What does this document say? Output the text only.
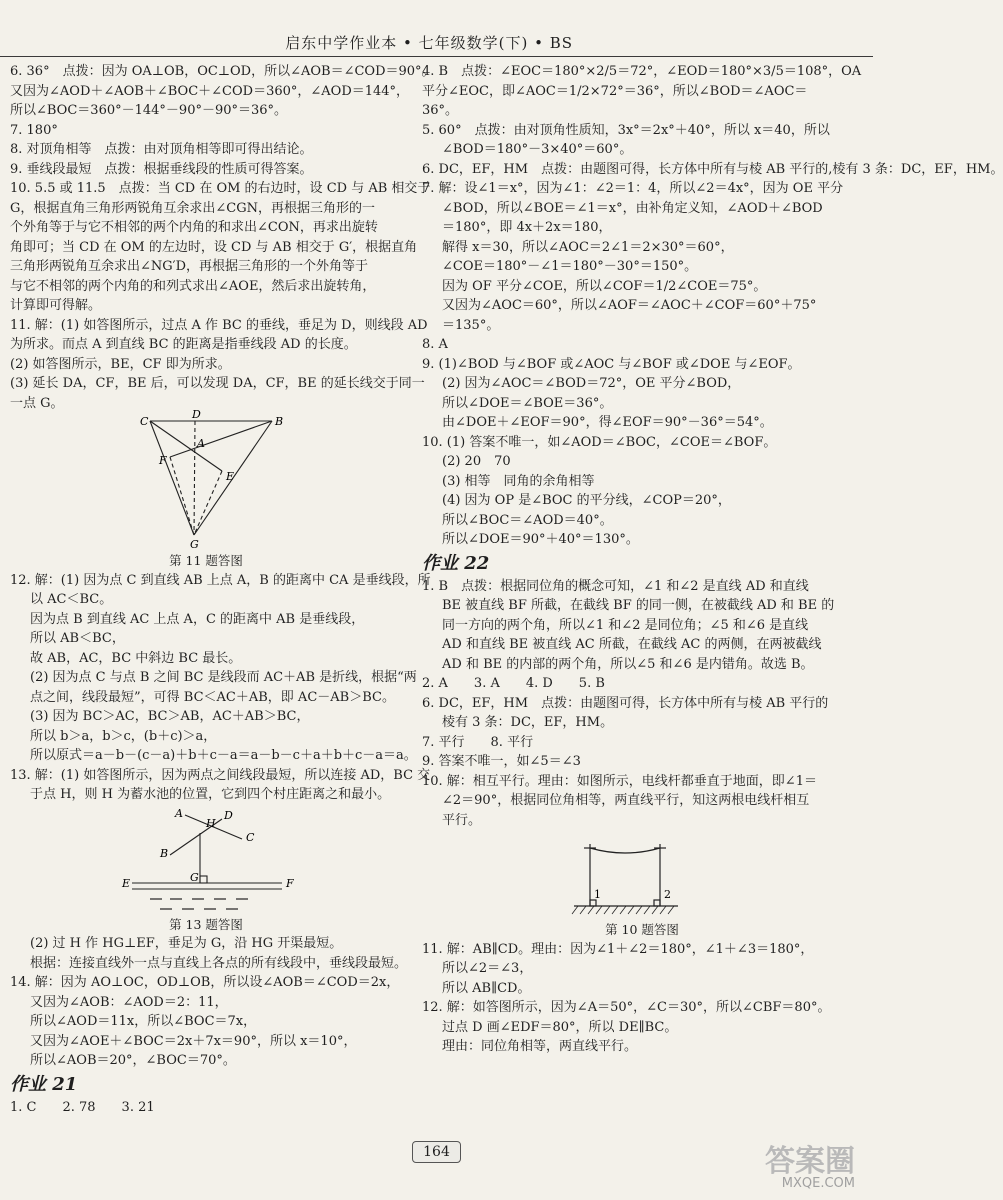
启东中学作业本 • 七年级数学(下) • BS
6. 36°　点拨：因为 OA⊥OB，OC⊥OD，所以∠AOB＝∠COD＝90°。
又因为∠AOD＋∠AOB＋∠BOC＋∠COD＝360°，∠AOD＝144°，
所以∠BOC＝360°－144°－90°－90°＝36°。
7. 180°
8. 对顶角相等　点拨：由对顶角相等即可得出结论。
9. 垂线段最短　点拨：根据垂线段的性质可得答案。
10. 5.5 或 11.5　点拨：当 CD 在 OM 的右边时，设 CD 与 AB 相交于
G，根据直角三角形两锐角互余求出∠CGN，再根据三角形的一
个外角等于与它不相邻的两个内角的和求出∠CON，再求出旋转
角即可；当 CD 在 OM 的左边时，设 CD 与 AB 相交于 G′，根据直角
三角形两锐角互余求出∠NG′D，再根据三角形的一个外角等于
与它不相邻的两个内角的和列式求出∠AOE，然后求出旋转角，
计算即可得解。
11. 解：(1) 如答图所示，过点 A 作 BC 的垂线，垂足为 D，则线段 AD
为所求。而点 A 到直线 BC 的距离是指垂线段 AD 的长度。
(2) 如答图所示，BE，CF 即为所求。
(3) 延长 DA，CF，BE 后，可以发现 DA，CF，BE 的延长线交于同一
一点 G。
C	B
D
A
F
E
G
第 11 题答图
12. 解：(1) 因为点 C 到直线 AB 上点 A，B 的距离中 CA 是垂线段，所
以 AC＜BC。
因为点 B 到直线 AC 上点 A，C 的距离中 AB 是垂线段，
所以 AB＜BC，
故 AB，AC，BC 中斜边 BC 最长。
(2) 因为点 C 与点 B 之间 BC 是线段而 AC＋AB 是折线，根据“两
点之间，线段最短”，可得 BC＜AC＋AB，即 AC－AB＞BC。
(3) 因为 BC＞AC，BC＞AB，AC＋AB＞BC，
所以 b＞a，b＞c，(b＋c)＞a，
所以原式＝a－b－(c－a)＋b＋c－a＝a－b－c＋a＋b＋c－a＝a。
13. 解：(1) 如答图所示，因为两点之间线段最短，所以连接 AD，BC 交
于点 H，则 H 为蓄水池的位置，它到四个村庄距离之和最小。
A
H
D
C
B
G
E	F
第 13 题答图
(2) 过 H 作 HG⊥EF，垂足为 G，沿 HG 开渠最短。
根据：连接直线外一点与直线上各点的所有线段中，垂线段最短。
14. 解：因为 AO⊥OC，OD⊥OB，所以设∠AOB＝∠COD＝2x，
又因为∠AOB：∠AOD＝2：11，
所以∠AOD＝11x，所以∠BOC＝7x，
又因为∠AOE＋∠BOC＝2x＋7x＝90°，所以 x＝10°，
所以∠AOB＝20°，∠BOC＝70°。
作业 21
1. C　　2. 78　　3. 21
4. B　点拨：∠EOC＝180°×2/5＝72°，∠EOD＝180°×3/5＝108°，OA
平分∠EOC，即∠AOC＝1/2×72°＝36°，所以∠BOD＝∠AOC＝
36°。
5. 60°　点拨：由对顶角性质知，3x°＝2x°＋40°，所以 x＝40，所以
∠BOD＝180°－3×40°＝60°。
6. DC，EF，HM　点拨：由题图可得，长方体中所有与棱 AB 平行的,棱有 3 条：DC，EF，HM。
7. 解：设∠1＝x°，因为∠1：∠2＝1：4，所以∠2＝4x°，因为 OE 平分
∠BOD，所以∠BOE＝∠1＝x°，由补角定义知，∠AOD＋∠BOD
＝180°，即 4x＋2x＝180，
解得 x＝30，所以∠AOC＝2∠1＝2×30°＝60°，
∠COE＝180°－∠1＝180°－30°＝150°。
因为 OF 平分∠COE，所以∠COF＝1/2∠COE＝75°。
又因为∠AOC＝60°，所以∠AOF＝∠AOC＋∠COF＝60°＋75°
＝135°。
8. A
9. (1)∠BOD 与∠BOF 或∠AOC 与∠BOF 或∠DOE 与∠EOF。
(2) 因为∠AOC＝∠BOD＝72°，OE 平分∠BOD，
所以∠DOE＝∠BOE＝36°。
由∠DOE＋∠EOF＝90°，得∠EOF＝90°－36°＝54°。
10. (1) 答案不唯一，如∠AOD＝∠BOC，∠COE＝∠BOF。
(2) 20　70
(3) 相等　同角的余角相等
(4) 因为 OP 是∠BOC 的平分线，∠COP＝20°，
所以∠BOC＝∠AOD＝40°。
所以∠DOE＝90°＋40°＝130°。
作业 22
1. B　点拨：根据同位角的概念可知，∠1 和∠2 是直线 AD 和直线
BE 被直线 BF 所截，在截线 BF 的同一侧，在被截线 AD 和 BE 的
同一方向的两个角，所以∠1 和∠2 是同位角；∠5 和∠6 是直线
AD 和直线 BE 被直线 AC 所截，在截线 AC 的两侧，在两被截线
AD 和 BE 的内部的两个角，所以∠5 和∠6 是内错角。故选 B。
2. A　　3. A　　4. D　　5. B
6. DC，EF，HM　点拨：由题图可得，长方体中所有与棱 AB 平行的
棱有 3 条：DC，EF，HM。
7. 平行　　8. 平行
9. 答案不唯一，如∠5＝∠3
10. 解：相互平行。理由：如图所示，电线杆都垂直于地面，即∠1＝
∠2＝90°，根据同位角相等，两直线平行，知这两根电线杆相互
平行。
1	2
第 10 题答图
11. 解：AB∥CD。理由：因为∠1＋∠2＝180°，∠1＋∠3＝180°，
所以∠2＝∠3，
所以 AB∥CD。
12. 解：如答图所示，因为∠A＝50°，∠C＝30°，所以∠CBF＝80°。
过点 D 画∠EDF＝80°，所以 DE∥BC。
理由：同位角相等，两直线平行。
164	答案圈
MXQE.COM
